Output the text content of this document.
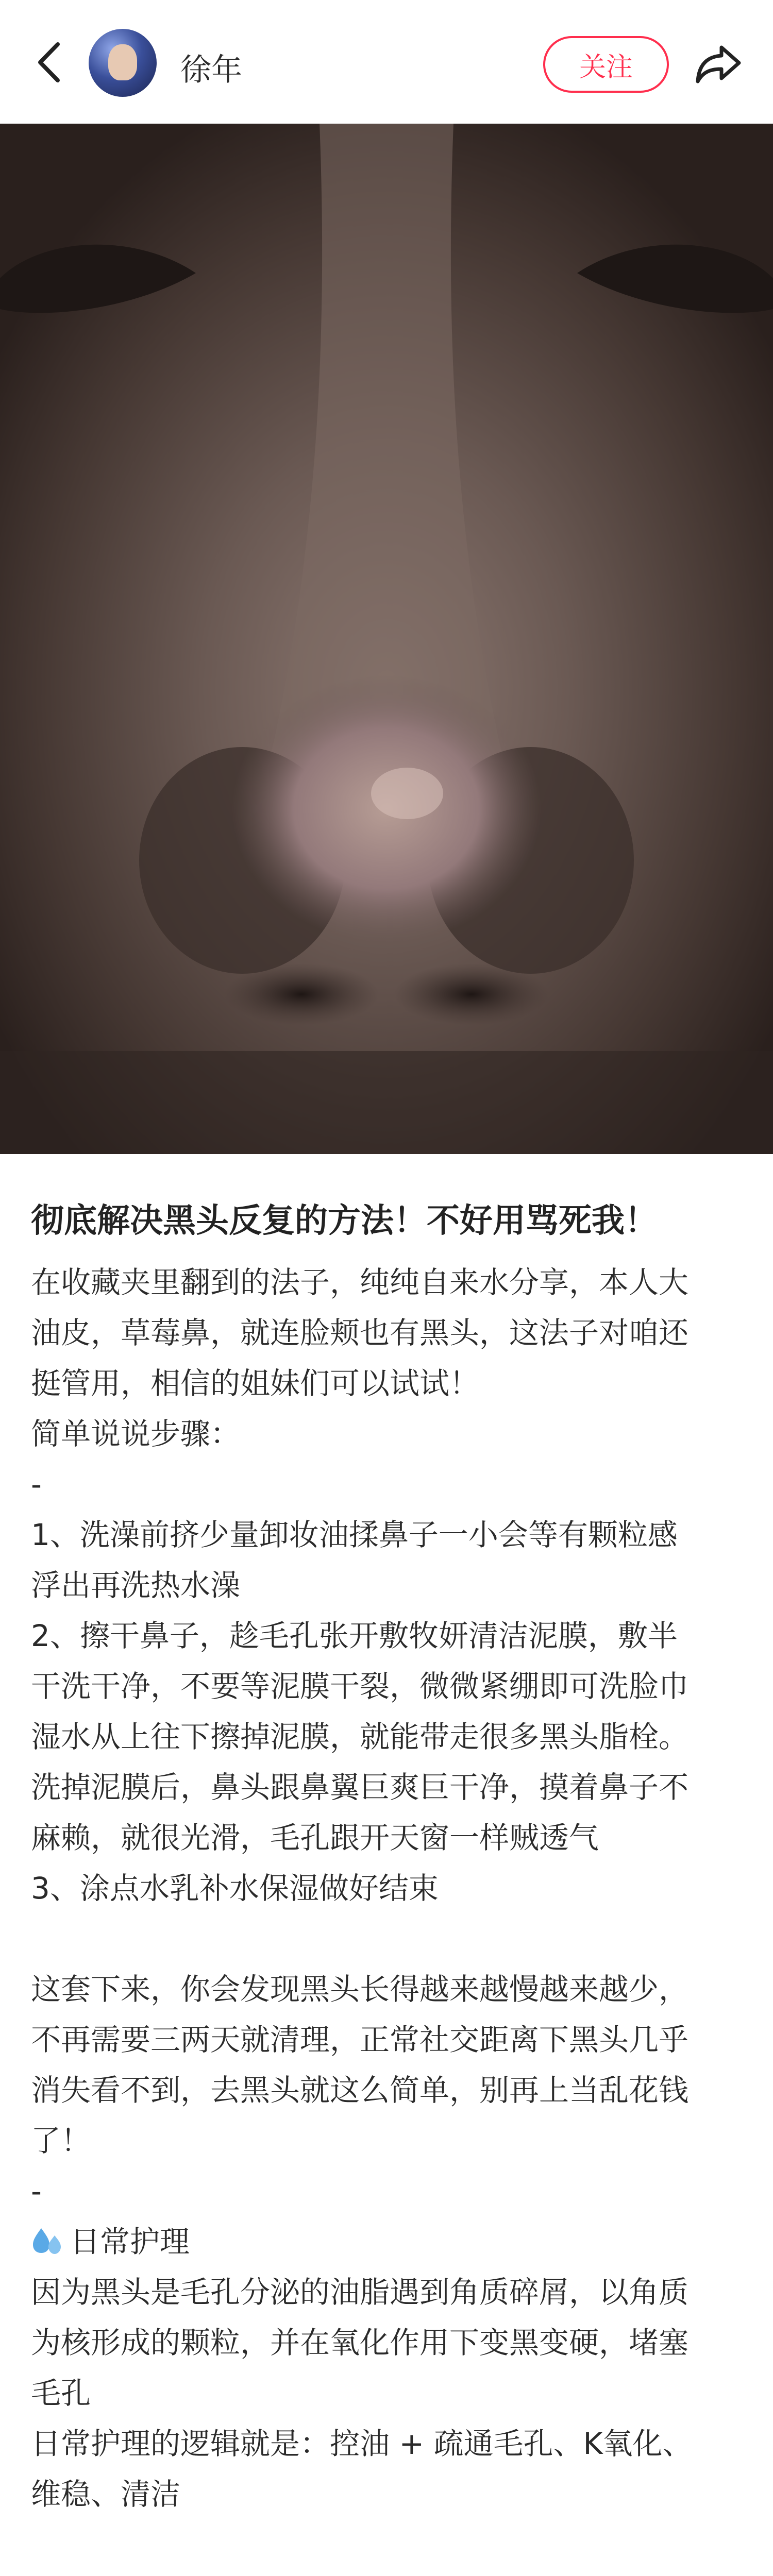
徐年	关注
彻底解决黑头反复的方法！不好用骂死我！

在收藏夹里翻到的法子，纯纯自来水分享，本人大

油皮，草莓鼻，就连脸颊也有黑头，这法子对咱还

挺管用，相信的姐妹们可以试试！

简单说说步骤：

-

1、洗澡前挤少量卸妆油揉鼻子一小会等有颗粒感

浮出再洗热水澡

2、擦干鼻子，趁毛孔张开敷牧妍清洁泥膜，敷半

干洗干净，不要等泥膜干裂，微微紧绷即可洗脸巾

湿水从上往下擦掉泥膜，就能带走很多黑头脂栓。

洗掉泥膜后，鼻头跟鼻翼巨爽巨干净，摸着鼻子不

麻赖，就很光滑，毛孔跟开天窗一样贼透气

3、涂点水乳补水保湿做好结束

这套下来，你会发现黑头长得越来越慢越来越少，

不再需要三两天就清理，正常社交距离下黑头几乎

消失看不到，去黑头就这么简单，别再上当乱花钱

了！

-

日常护理

因为黑头是毛孔分泌的油脂遇到角质碎屑，以角质

为核形成的颗粒，并在氧化作用下变黑变硬，堵塞

毛孔

日常护理的逻辑就是：控油 + 疏通毛孔、K氧化、

维稳、清洁
